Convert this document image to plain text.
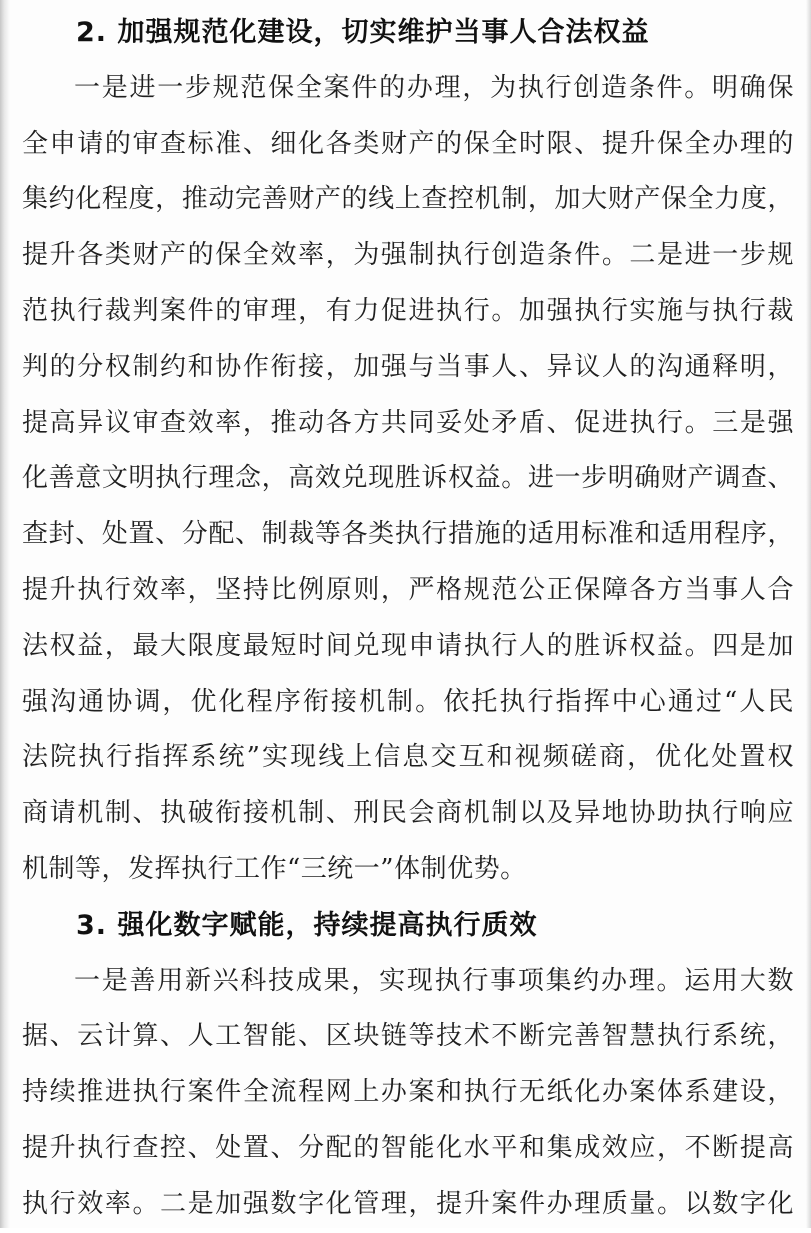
2. 加强规范化建设，切实维护当事人合法权益
一是进一步规范保全案件的办理，为执行创造条件。明确保
全申请的审查标准、细化各类财产的保全时限、提升保全办理的
集约化程度，推动完善财产的线上查控机制，加大财产保全力度，
提升各类财产的保全效率，为强制执行创造条件。二是进一步规
范执行裁判案件的审理，有力促进执行。加强执行实施与执行裁
判的分权制约和协作衔接，加强与当事人、异议人的沟通释明，
提高异议审查效率，推动各方共同妥处矛盾、促进执行。三是强
化善意文明执行理念，高效兑现胜诉权益。进一步明确财产调查、
查封、处置、分配、制裁等各类执行措施的适用标准和适用程序，
提升执行效率，坚持比例原则，严格规范公正保障各方当事人合
法权益，最大限度最短时间兑现申请执行人的胜诉权益。四是加
强沟通协调，优化程序衔接机制。依托执行指挥中心通过“人民
法院执行指挥系统”实现线上信息交互和视频磋商，优化处置权
商请机制、执破衔接机制、刑民会商机制以及异地协助执行响应
机制等，发挥执行工作“三统一”体制优势。
3. 强化数字赋能，持续提高执行质效
一是善用新兴科技成果，实现执行事项集约办理。运用大数
据、云计算、人工智能、区块链等技术不断完善智慧执行系统，
持续推进执行案件全流程网上办案和执行无纸化办案体系建设，
提升执行查控、处置、分配的智能化水平和集成效应，不断提高
执行效率。二是加强数字化管理，提升案件办理质量。以数字化
